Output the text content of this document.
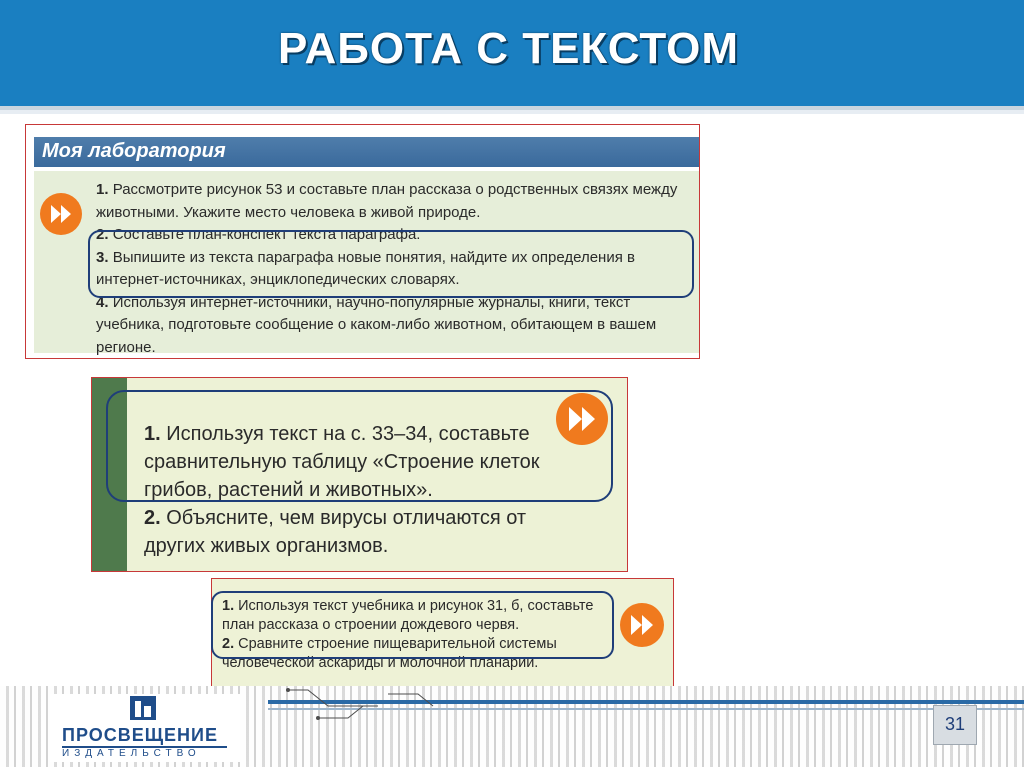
РАБОТА С ТЕКСТОМ
Моя лаборатория

1. Рассмотрите рисунок 53 и составьте план рассказа о родственных связях между животными. Укажите место человека в живой природе.

2. Составьте план-конспект текста параграфа.

3. Выпишите из текста параграфа новые понятия, найдите их определения в интернет-источниках, энциклопедических словарях.

4. Используя интернет-источники, научно-популярные журналы, книги, текст учебника, подготовьте сообщение о каком-либо животном, обитающем в вашем регионе.

1. Используя текст на с. 33–34, составьте сравнительную таблицу «Строение клеток грибов, растений и животных».

2. Объясните, чем вирусы отличаются от других живых организмов.

1. Используя текст учебника и рисунок 31, б, составьте план рассказа о строении дождевого червя.

2. Сравните строение пищеварительной системы человеческой аскариды и молочной планарии.

ПРОСВЕЩЕНИЕ
ИЗДАТЕЛЬСТВО
31
